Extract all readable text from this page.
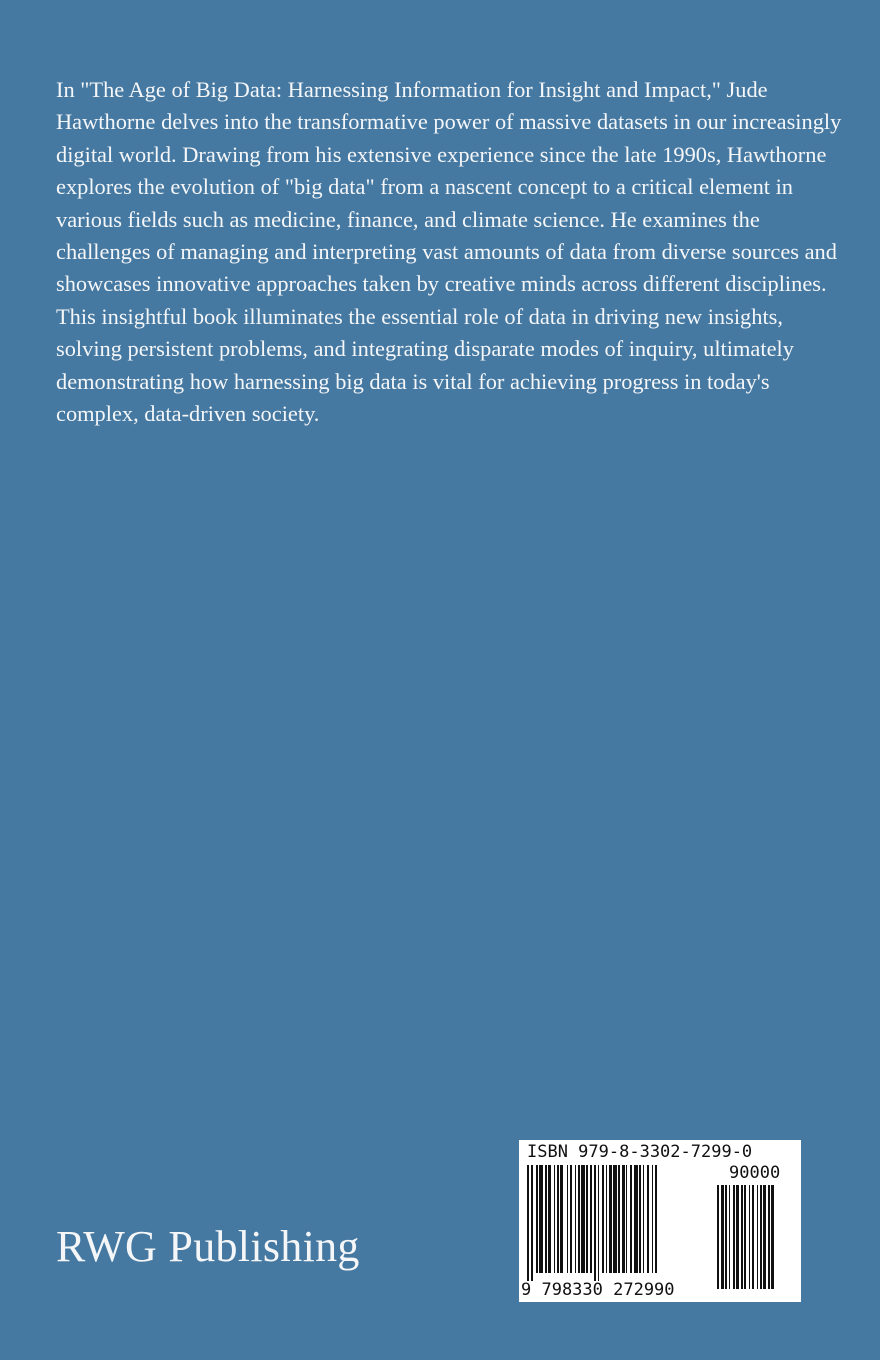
In "The Age of Big Data: Harnessing Information for Insight and Impact," Jude Hawthorne delves into the transformative power of massive datasets in our increasingly digital world. Drawing from his extensive experience since the late 1990s, Hawthorne explores the evolution of "big data" from a nascent concept to a critical element in various fields such as medicine, finance, and climate science. He examines the challenges of managing and interpreting vast amounts of data from diverse sources and showcases innovative approaches taken by creative minds across different disciplines. This insightful book illuminates the essential role of data in driving new insights, solving persistent problems, and integrating disparate modes of inquiry, ultimately demonstrating how harnessing big data is vital for achieving progress in today's complex, data-driven society.

RWG Publishing
ISBN 979-8-3302-7299-0
90000
9 798330 272990
